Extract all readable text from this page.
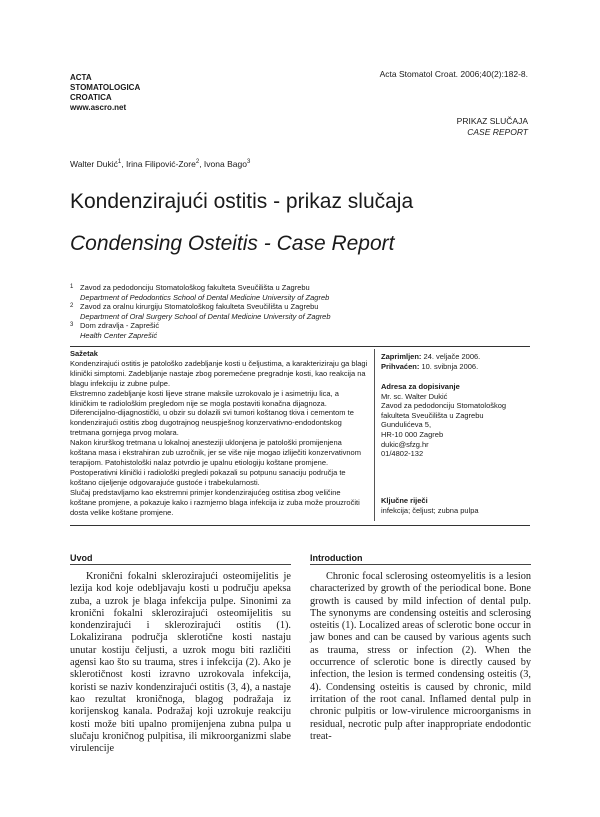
ACTA
STOMATOLOGICA
CROATICA
www.ascro.net
Acta Stomatol Croat. 2006;40(2):182-8.
PRIKAZ SLUČAJA
CASE REPORT
Walter Dukić$^1$, Irina Filipović-Zore$^2$, Ivona Bago$^3$
Kondenzirajući ostitis - prikaz slučaja
Condensing Osteitis - Case Report
1 Zavod za pedodonciju Stomatološkog fakulteta Sveučilišta u Zagrebu
Department of Pedodontics School of Dental Medicine University of Zagreb
2 Zavod za oralnu kirurgiju Stomatološkog fakulteta Sveučilišta u Zagrebu
Department of Oral Surgery School of Dental Medicine University of Zagreb
3 Dom zdravlja - Zaprešić
Health Center Zaprešić

Sažetak

Kondenzirajući ostitis je patološko zadebljanje kosti u čeljustima, a karakteriziraju ga blagi klinički simptomi. Zadebljanje nastaje zbog poremećene pregradnje kosti, kao reakcija na blagu infekciju iz zubne pulpe.

Ekstremno zadebljanje kosti lijeve strane maksile uzrokovalo je i asimetriju lica, a kliničkim te radiološkim pregledom nije se mogla postaviti konačna dijagnoza. Diferencijalno-dijagnostički, u obzir su dolazili svi tumori koštanog tkiva i cementom te kondenzirajući ostitis zbog dugotrajnog neuspješnog konzervativno-endodontskog tretmana gornjega prvog molara.

Nakon kirurškog tretmana u lokalnoj anesteziji uklonjena je patološki promijenjena koštana masa i ekstrahiran zub uzročnik, jer se više nije mogao izliječiti konzervativnom terapijom. Patohistološki nalaz potvrdio je upalnu etiologiju koštane promjene. Postoperativni klinički i radiološki pregledi pokazali su potpunu sanaciju područja te koštano cijeljenje odgovarajuće gustoće i trabekularnosti.

Slučaj predstavljamo kao ekstremni primjer kondenzirajućeg ostitisa zbog veličine koštane promjene, a pokazuje kako i razmjerno blaga infekcija iz zuba može prouzročiti dosta velike koštane promjene.

Zaprimljen: 24. veljače 2006.

Prihvaćen: 10. svibnja 2006.

Adresa za dopisivanje

Mr. sc. Walter Dukić

Zavod za pedodonciju Stomatološkog

fakulteta Sveučilišta u Zagrebu

Gundulićeva 5,

HR-10 000 Zagreb

dukic@sfzg.hr

01/4802-132

Ključne riječi

infekcija; čeljust; zubna pulpa

Uvod

Kronični fokalni sklerozirajući osteomijelitis je lezija kod koje odebljavaju kosti u području apeksa zuba, a uzrok je blaga infekcija pulpe. Sinonimi za kronični fokalni sklerozirajući osteomijelitis su kondenzirajući i sklerozirajući ostitis (1). Lokalizirana područja sklerotične kosti nastaju unutar kostiju čeljusti, a uzrok mogu biti različiti agensi kao što su trauma, stres i infekcija (2). Ako je sklerotičnost kosti izravno uzrokovala infekcija, koristi se naziv kondenzirajući ostitis (3, 4), a nastaje kao rezultat kroničnoga, blagog podražaja iz korijenskog kanala. Podražaj koji uzrokuje reakciju kosti može biti upalno promijenjena zubna pulpa u slučaju kroničnog pulpitisa, ili mikroorganizmi slabe virulencije

Introduction

Chronic focal sclerosing osteomyelitis is a lesion characterized by growth of the periodical bone. Bone growth is caused by mild infection of dental pulp. The synonyms are condensing osteitis and sclerosing osteitis (1). Localized areas of sclerotic bone occur in jaw bones and can be caused by various agents such as trauma, stress or infection (2). When the occurrence of sclerotic bone is directly caused by infection, the lesion is termed condensing osteitis (3, 4). Condensing osteitis is caused by chronic, mild irritation of the root canal. Inflamed dental pulp in chronic pulpitis or low-virulence microorganisms in residual, necrotic pulp after inappropriate endodontic treat-
